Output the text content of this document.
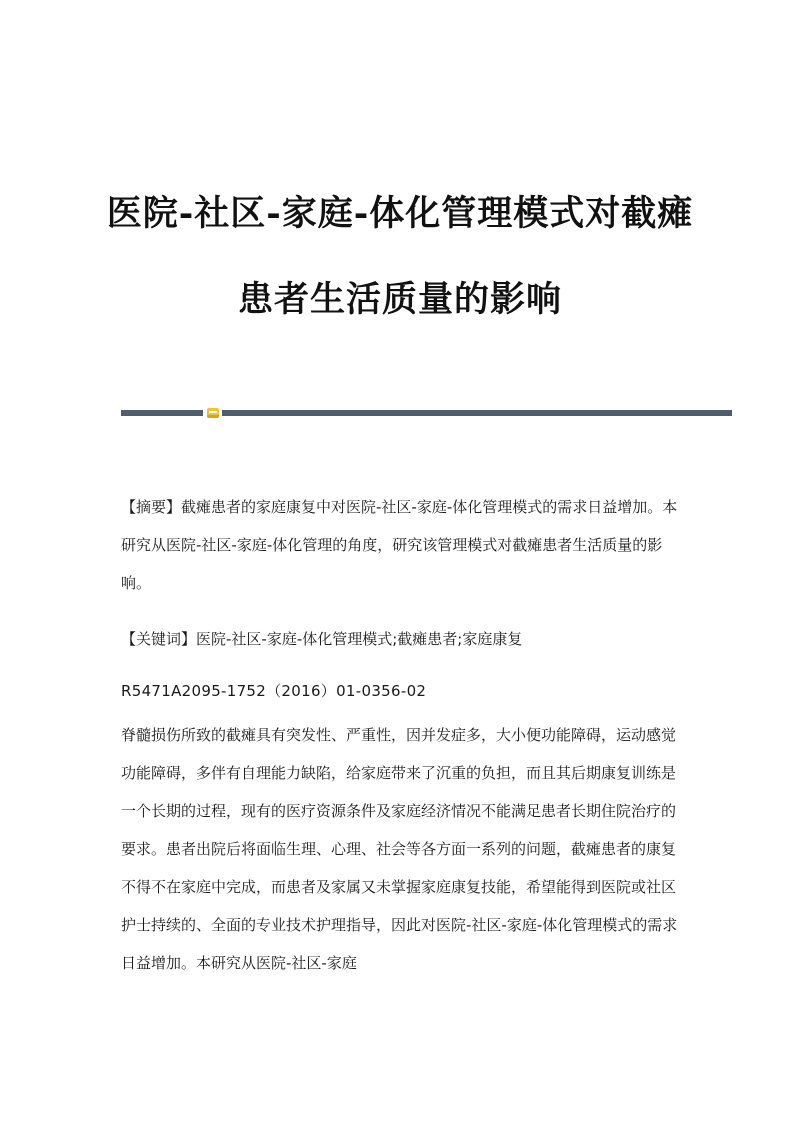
医院-社区-家庭-体化管理模式对截瘫
患者生活质量的影响

【摘要】截瘫患者的家庭康复中对医院-社区-家庭-体化管理模式的需求日益增加。本研究从医院-社区-家庭-体化管理的角度，研究该管理模式对截瘫患者生活质量的影响。

【关键词】医院-社区-家庭-体化管理模式;截瘫患者;家庭康复

R5471A2095-1752（2016）01-0356-02

脊髓损伤所致的截瘫具有突发性、严重性，因并发症多，大小便功能障碍，运动感觉功能障碍，多伴有自理能力缺陷，给家庭带来了沉重的负担，而且其后期康复训练是一个长期的过程，现有的医疗资源条件及家庭经济情况不能满足患者长期住院治疗的要求。患者出院后将面临生理、心理、社会等各方面一系列的问题，截瘫患者的康复不得不在家庭中完成，而患者及家属又未掌握家庭康复技能，希望能得到医院或社区护士持续的、全面的专业技术护理指导，因此对医院-社区-家庭-体化管理模式的需求日益增加。本研究从医院-社区-家庭
